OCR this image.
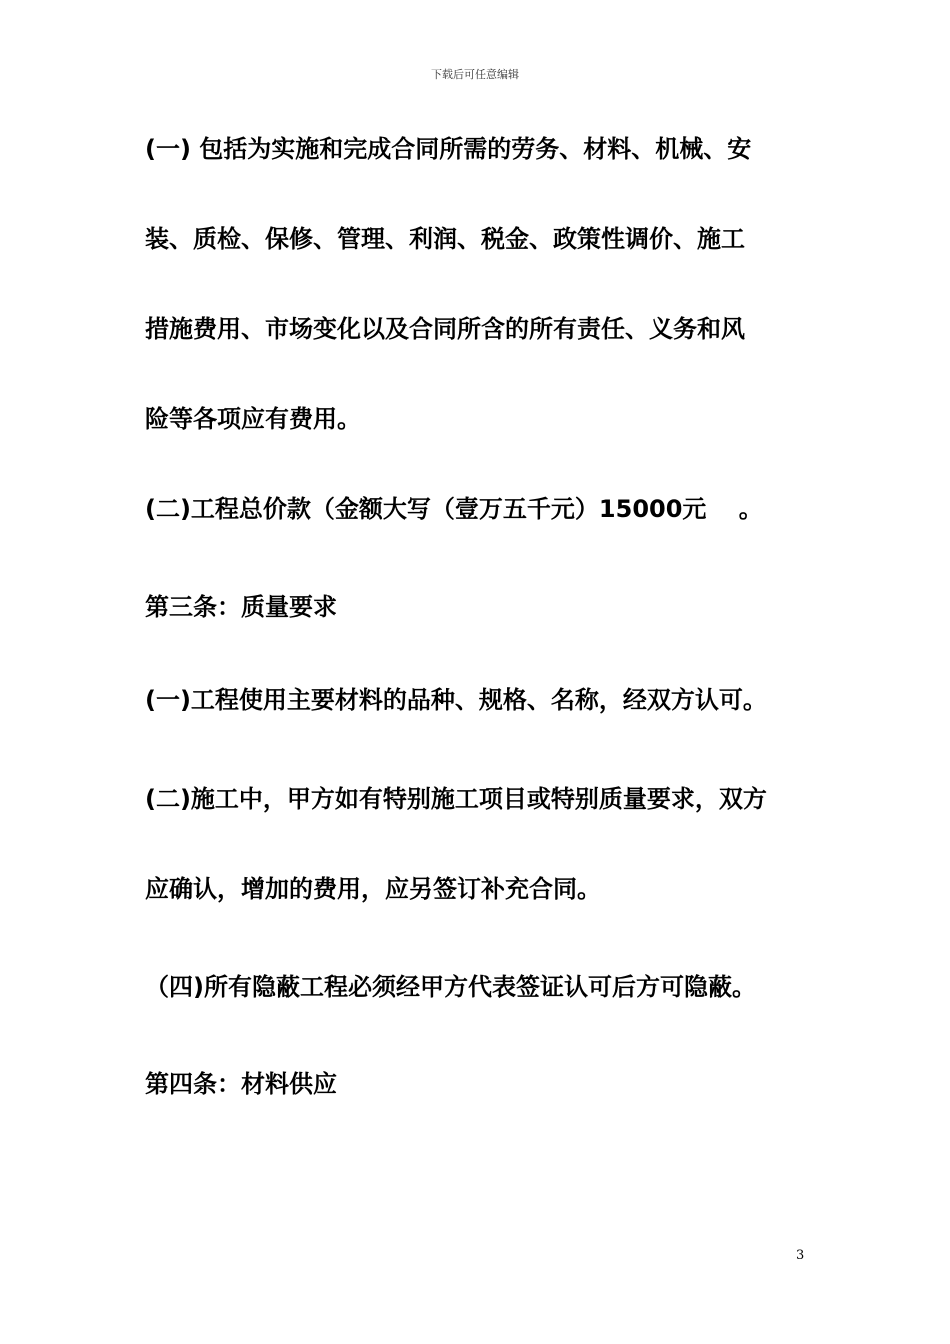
下载后可任意编辑
(一) 包括为实施和完成合同所需的劳务、材料、机械、安
装、质检、保修、管理、利润、税金、政策性调价、施工
措施费用、市场变化以及合同所含的所有责任、义务和风
险等各项应有费用。
(二)工程总价款（金额大写（壹万五千元）15000元　 。
第三条：质量要求
(一)工程使用主要材料的品种、规格、名称，经双方认可。
(二)施工中，甲方如有特别施工项目或特别质量要求，双方
应确认，增加的费用，应另签订补充合同。
（四)所有隐蔽工程必须经甲方代表签证认可后方可隐蔽。
第四条：材料供应
3
